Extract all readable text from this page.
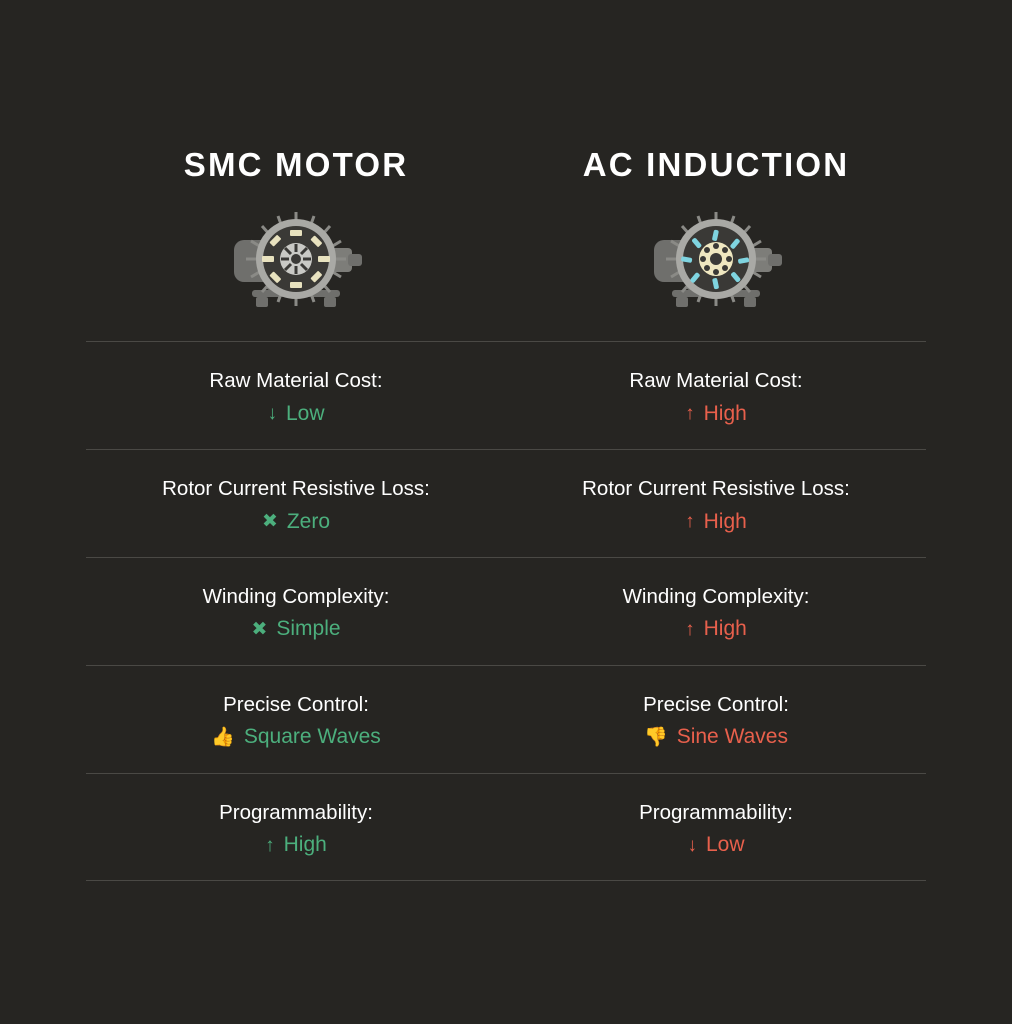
SMC MOTOR
Raw Material Cost:
↓ Low
Rotor Current Resistive Loss:
✖ Zero
Winding Complexity:
✖ Simple
Precise Control:
👍 Square Waves
Programmability:
↑ High
AC INDUCTION
Raw Material Cost:
↑ High
Rotor Current Resistive Loss:
↑ High
Winding Complexity:
↑ High
Precise Control:
👎 Sine Waves
Programmability:
↓ Low
